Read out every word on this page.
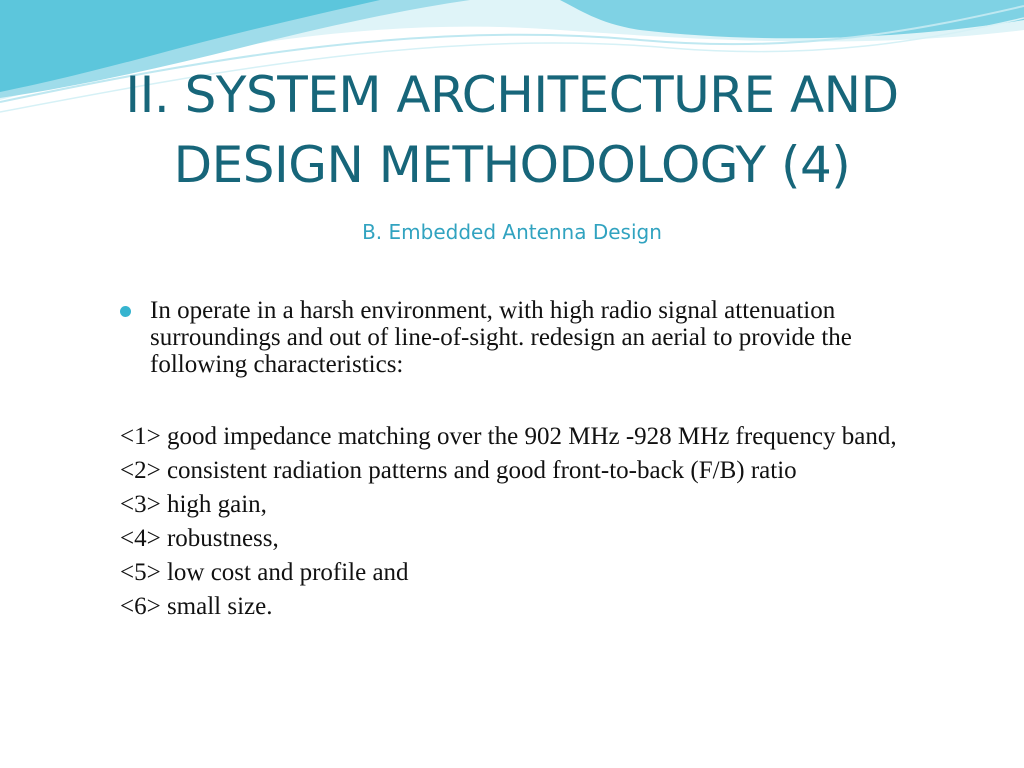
II. SYSTEM ARCHITECTURE AND
DESIGN METHODOLOGY (4)
B. Embedded Antenna Design
In operate in a harsh environment, with high radio signal attenuation surroundings and out of line-of-sight. redesign an aerial to provide the following characteristics:
<1> good impedance matching over the 902 MHz -928 MHz frequency band,
<2> consistent radiation patterns and good front-to-back (F/B) ratio
<3> high gain,
<4> robustness,
<5> low cost and profile and
<6> small size.
